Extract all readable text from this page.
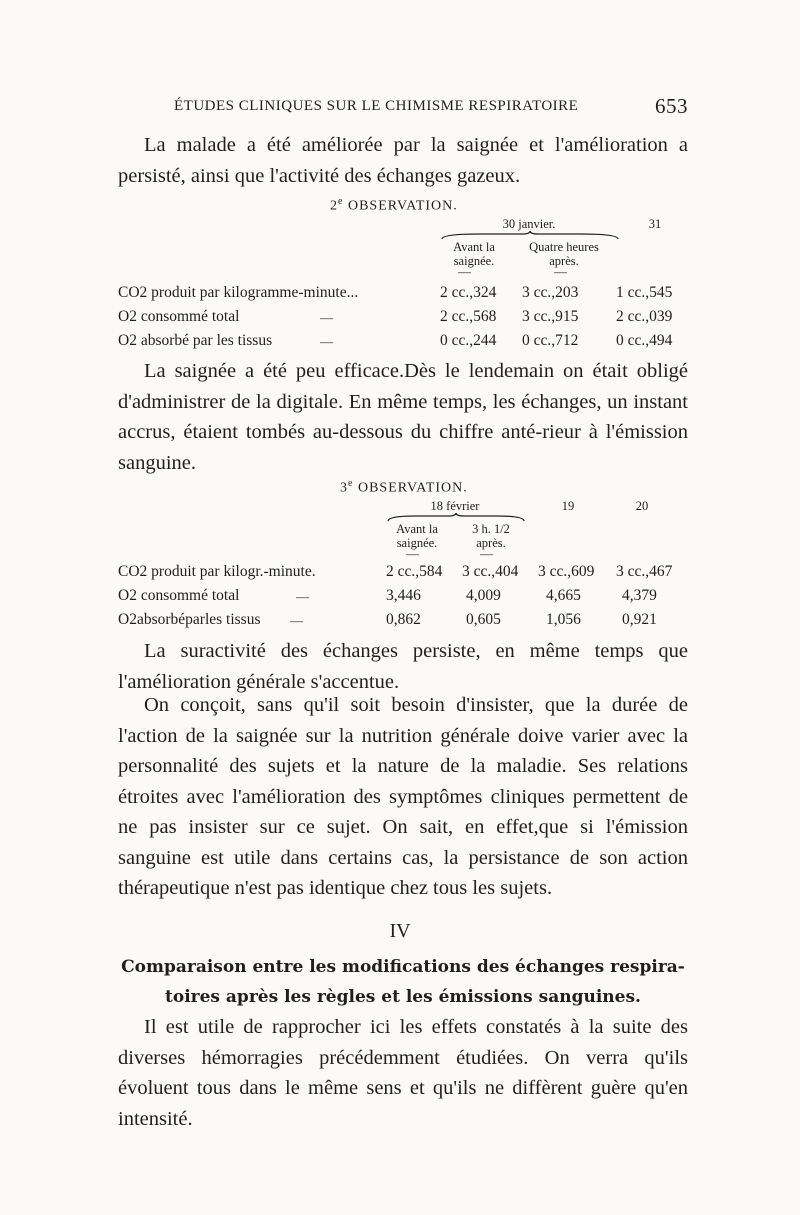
ÉTUDES CLINIQUES SUR LE CHIMISME RESPIRATOIRE	653

La malade a été améliorée par la saignée et l'amélioration a persisté, ainsi que l'activité des échanges gazeux.

2e OBSERVATION.
30 janvier.	31
Avant la saignée.
Quatre heures après.
—	—
CO2 produit par kilogramme-minute...	2 cc.,324 3 cc.,203 1 cc.,545
O2 consommé total	—	2 cc.,568 3 cc.,915 2 cc.,039
O2 absorbé par les tissus	—	0 cc.,244 0 cc.,712 0 cc.,494

La saignée a été peu efficace.Dès le lendemain on était obligé d'administrer de la digitale. En même temps, les échanges, un instant accrus, étaient tombés au-dessous du chiffre anté-rieur à l'émission sanguine.

3e OBSERVATION.
18 février	19	20
Avant la saignée.
3 h. 1/2 après.
—	—
CO2 produit par kilogr.-minute.	2 cc.,584 3 cc.,404 3 cc.,609 3 cc.,467
O2 consommé total	—	3,446	4,009	4,665	4,379
O2absorbéparles tissus —	0,862	0,605	1,056	0,921

La suractivité des échanges persiste, en même temps que l'amélioration générale s'accentue.

On conçoit, sans qu'il soit besoin d'insister, que la durée de l'action de la saignée sur la nutrition générale doive varier avec la personnalité des sujets et la nature de la maladie. Ses relations étroites avec l'amélioration des symptômes cliniques permettent de ne pas insister sur ce sujet. On sait, en effet,que si l'émission sanguine est utile dans certains cas, la persistance de son action thérapeutique n'est pas identique chez tous les sujets.

IV
Comparaison entre les modifications des échanges respira-toires après les règles et les émissions sanguines.

Il est utile de rapprocher ici les effets constatés à la suite des diverses hémorragies précédemment étudiées. On verra qu'ils évoluent tous dans le même sens et qu'ils ne diffèrent guère qu'en intensité.
